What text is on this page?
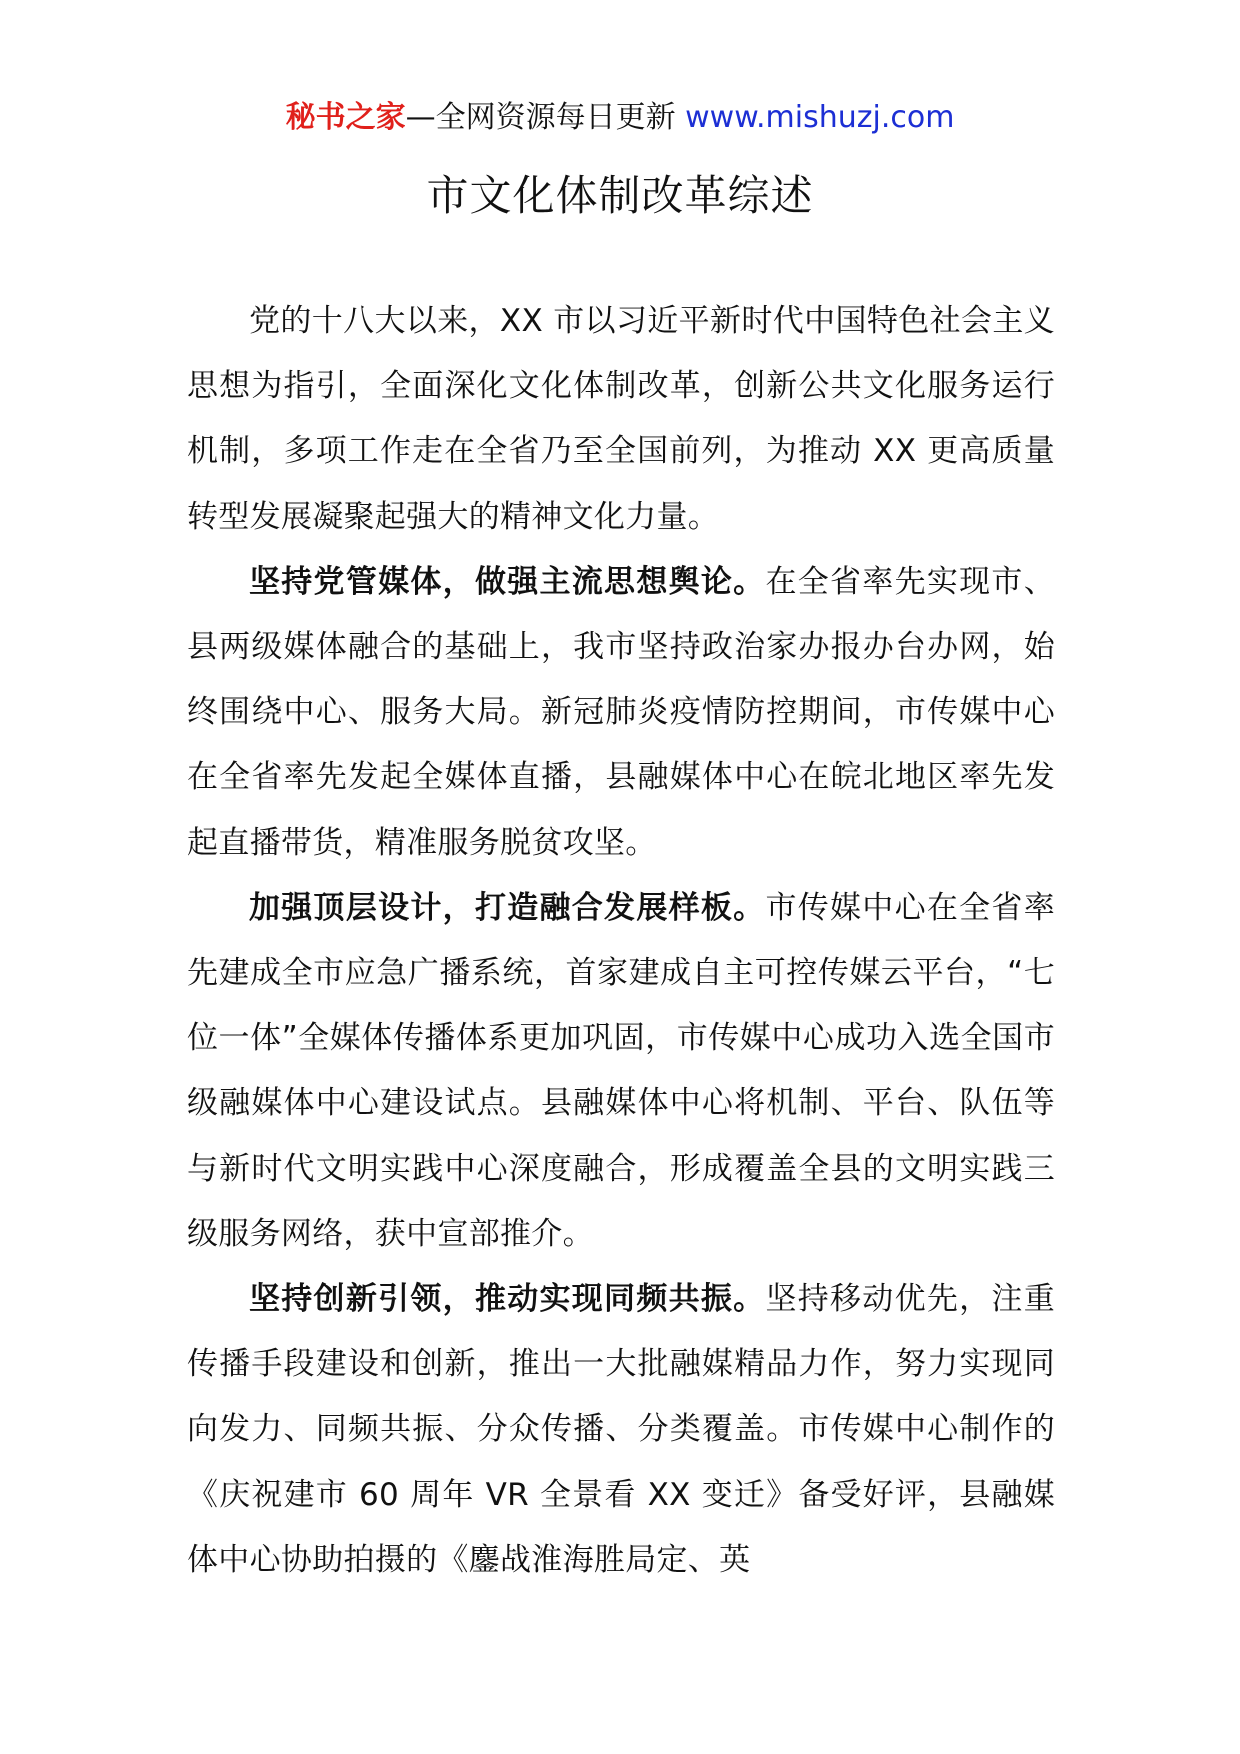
秘书之家—全网资源每日更新 www.mishuzj.com
市文化体制改革综述

党的十八大以来，XX 市以习近平新时代中国特色社会主义思想为指引，全面深化文化体制改革，创新公共文化服务运行机制，多项工作走在全省乃至全国前列，为推动 XX 更高质量转型发展凝聚起强大的精神文化力量。

坚持党管媒体，做强主流思想舆论。在全省率先实现市、县两级媒体融合的基础上，我市坚持政治家办报办台办网，始终围绕中心、服务大局。新冠肺炎疫情防控期间，市传媒中心在全省率先发起全媒体直播，县融媒体中心在皖北地区率先发起直播带货，精准服务脱贫攻坚。

加强顶层设计，打造融合发展样板。市传媒中心在全省率先建成全市应急广播系统，首家建成自主可控传媒云平台，“七位一体”全媒体传播体系更加巩固，市传媒中心成功入选全国市级融媒体中心建设试点。县融媒体中心将机制、平台、队伍等与新时代文明实践中心深度融合，形成覆盖全县的文明实践三级服务网络，获中宣部推介。

坚持创新引领，推动实现同频共振。坚持移动优先，注重传播手段建设和创新，推出一大批融媒精品力作，努力实现同向发力、同频共振、分众传播、分类覆盖。市传媒中心制作的《庆祝建市 60 周年 VR 全景看 XX 变迁》备受好评，县融媒体中心协助拍摄的《鏖战淮海胜局定、英
